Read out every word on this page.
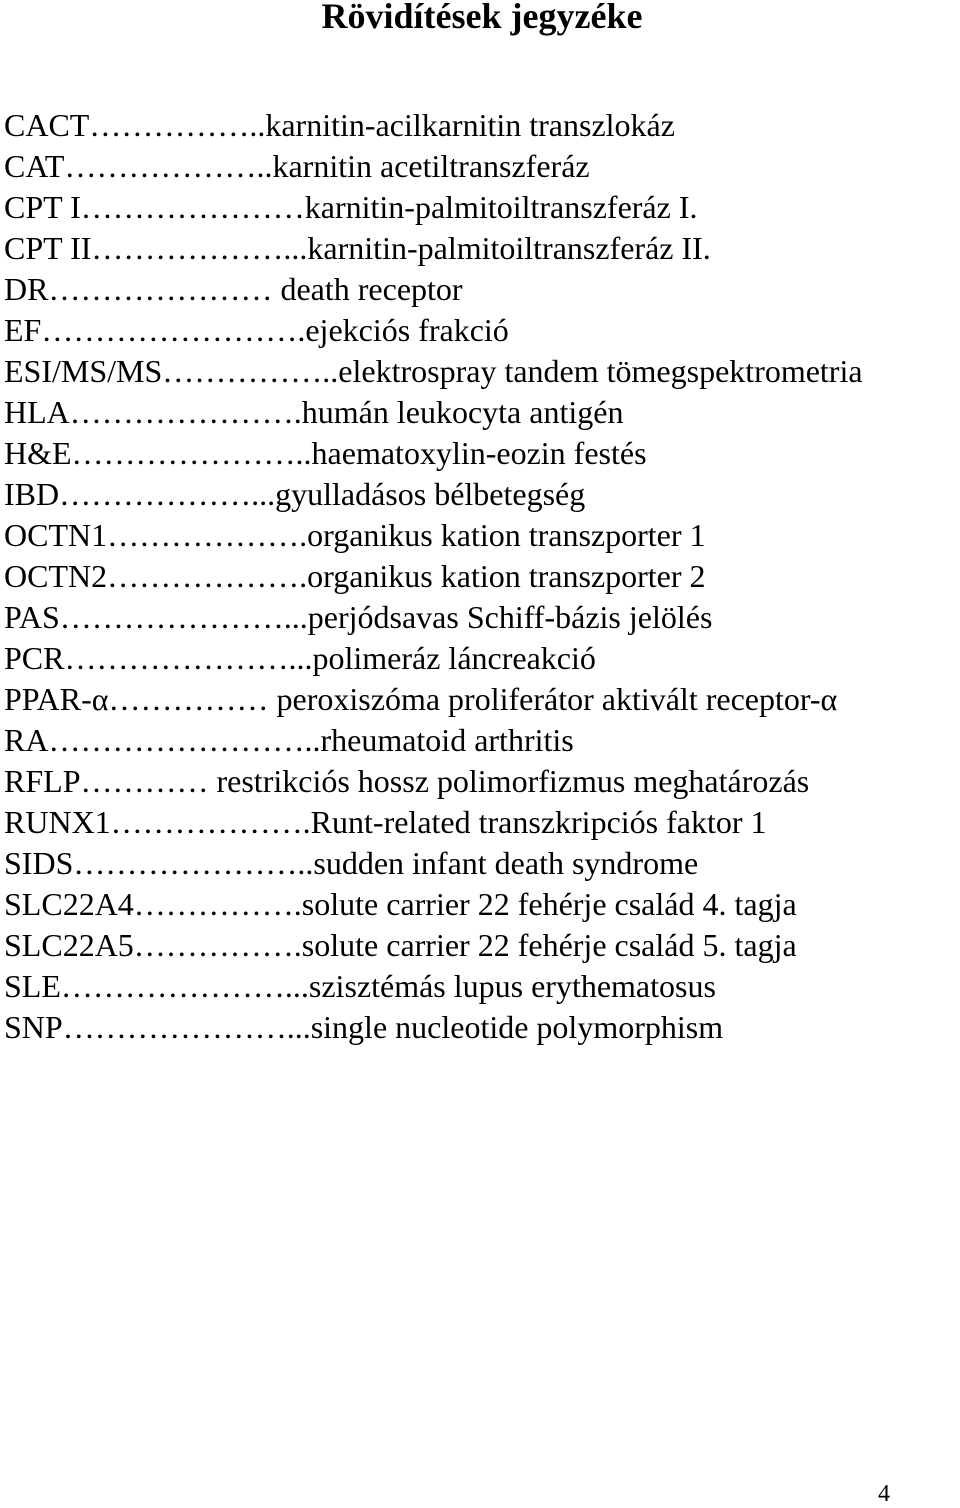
Rövidítések jegyzéke
CACT……………..karnitin-acilkarnitin transzlokáz
CAT………………..karnitin acetiltranszferáz
CPT I…………………karnitin-palmitoiltranszferáz I.
CPT II………………...karnitin-palmitoiltranszferáz II.
DR………………… death receptor
EF…………………….ejekciós frakció
ESI/MS/MS……………..elektrospray tandem tömegspektrometria
HLA………………….humán leukocyta antigén
H&E…………………..haematoxylin-eozin festés
IBD………………...gyulladásos bélbetegség
OCTN1……………….organikus kation transzporter 1
OCTN2……………….organikus kation transzporter 2
PAS…………………...perjódsavas Schiff-bázis jelölés
PCR…………………...polimeráz láncreakció
PPAR-α…………… peroxiszóma proliferátor aktivált receptor-α
RA……………………..rheumatoid arthritis
RFLP………… restrikciós hossz polimorfizmus meghatározás
RUNX1……………….Runt-related transzkripciós faktor 1
SIDS…………………..sudden infant death syndrome
SLC22A4…………….solute carrier 22 fehérje család 4. tagja
SLC22A5…………….solute carrier 22 fehérje család 5. tagja
SLE…………………...szisztémás lupus erythematosus
SNP…………………...single nucleotide polymorphism
4
